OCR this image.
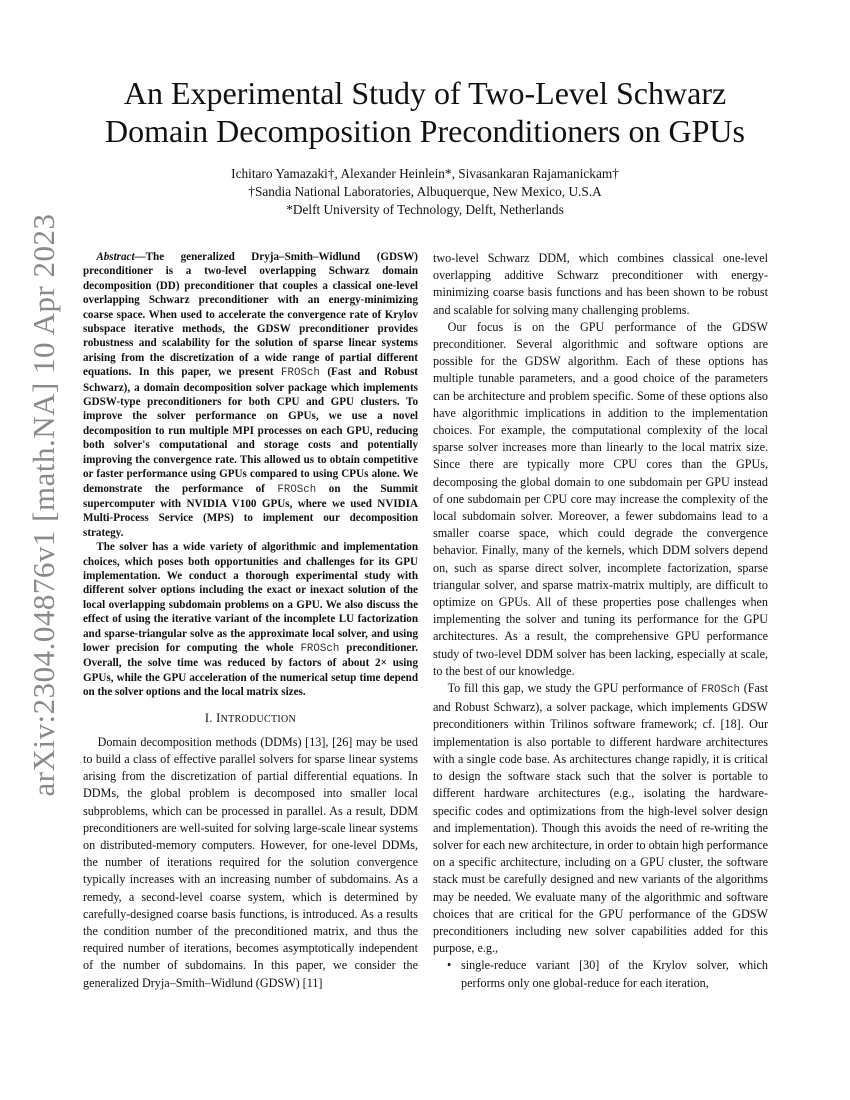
arXiv:2304.04876v1 [math.NA] 10 Apr 2023
An Experimental Study of Two-Level Schwarz
Domain Decomposition Preconditioners on GPUs
Ichitaro Yamazaki†, Alexander Heinlein*, Sivasankaran Rajamanickam†
†Sandia National Laboratories, Albuquerque, New Mexico, U.S.A
*Delft University of Technology, Delft, Netherlands

Abstract—The generalized Dryja–Smith–Widlund (GDSW) preconditioner is a two-level overlapping Schwarz domain decomposition (DD) preconditioner that couples a classical one-level overlapping Schwarz preconditioner with an energy-minimizing coarse space. When used to accelerate the convergence rate of Krylov subspace iterative methods, the GDSW preconditioner provides robustness and scalability for the solution of sparse linear systems arising from the discretization of a wide range of partial different equations. In this paper, we present FROSch (Fast and Robust Schwarz), a domain decomposition solver package which implements GDSW-type preconditioners for both CPU and GPU clusters. To improve the solver performance on GPUs, we use a novel decomposition to run multiple MPI processes on each GPU, reducing both solver's computational and storage costs and potentially improving the convergence rate. This allowed us to obtain competitive or faster performance using GPUs compared to using CPUs alone. We demonstrate the performance of FROSch on the Summit supercomputer with NVIDIA V100 GPUs, where we used NVIDIA Multi-Process Service (MPS) to implement our decomposition strategy.

The solver has a wide variety of algorithmic and implementation choices, which poses both opportunities and challenges for its GPU implementation. We conduct a thorough experimental study with different solver options including the exact or inexact solution of the local overlapping subdomain problems on a GPU. We also discuss the effect of using the iterative variant of the incomplete LU factorization and sparse-triangular solve as the approximate local solver, and using lower precision for computing the whole FROSch preconditioner. Overall, the solve time was reduced by factors of about 2× using GPUs, while the GPU acceleration of the numerical setup time depend on the solver options and the local matrix sizes.

I. INTRODUCTION

Domain decomposition methods (DDMs) [13], [26] may be used to build a class of effective parallel solvers for sparse linear systems arising from the discretization of partial differential equations. In DDMs, the global problem is decomposed into smaller local subproblems, which can be processed in parallel. As a result, DDM preconditioners are well-suited for solving large-scale linear systems on distributed-memory computers. However, for one-level DDMs, the number of iterations required for the solution convergence typically increases with an increasing number of subdomains. As a remedy, a second-level coarse system, which is determined by carefully-designed coarse basis functions, is introduced. As a results the condition number of the preconditioned matrix, and thus the required number of iterations, becomes asymptotically independent of the number of subdomains. In this paper, we consider the generalized Dryja–Smith–Widlund (GDSW) [11]

two-level Schwarz DDM, which combines classical one-level overlapping additive Schwarz preconditioner with energy-minimizing coarse basis functions and has been shown to be robust and scalable for solving many challenging problems.

Our focus is on the GPU performance of the GDSW preconditioner. Several algorithmic and software options are possible for the GDSW algorithm. Each of these options has multiple tunable parameters, and a good choice of the parameters can be architecture and problem specific. Some of these options also have algorithmic implications in addition to the implementation choices. For example, the computational complexity of the local sparse solver increases more than linearly to the local matrix size. Since there are typically more CPU cores than the GPUs, decomposing the global domain to one subdomain per GPU instead of one subdomain per CPU core may increase the complexity of the local subdomain solver. Moreover, a fewer subdomains lead to a smaller coarse space, which could degrade the convergence behavior. Finally, many of the kernels, which DDM solvers depend on, such as sparse direct solver, incomplete factorization, sparse triangular solver, and sparse matrix-matrix multiply, are difficult to optimize on GPUs. All of these properties pose challenges when implementing the solver and tuning its performance for the GPU architectures. As a result, the comprehensive GPU performance study of two-level DDM solver has been lacking, especially at scale, to the best of our knowledge.

To fill this gap, we study the GPU performance of FROSch (Fast and Robust Schwarz), a solver package, which implements GDSW preconditioners within Trilinos software framework; cf. [18]. Our implementation is also portable to different hardware architectures with a single code base. As architectures change rapidly, it is critical to design the software stack such that the solver is portable to different hardware architectures (e.g., isolating the hardware-specific codes and optimizations from the high-level solver design and implementation). Though this avoids the need of re-writing the solver for each new architecture, in order to obtain high performance on a specific architecture, including on a GPU cluster, the software stack must be carefully designed and new variants of the algorithms may be needed. We evaluate many of the algorithmic and software choices that are critical for the GPU performance of the GDSW preconditioners including new solver capabilities added for this purpose, e.g.,

• single-reduce variant [30] of the Krylov solver, which performs only one global-reduce for each iteration,
